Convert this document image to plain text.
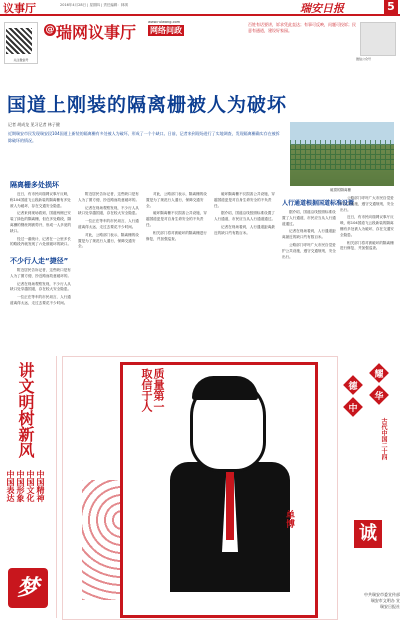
议事厅	2016年4月28日 | 星期四 | 责任编辑：林琪	瑞安日报	5
关注微信号
@ 瑞网议事厅
www.ruiwang.com
网络问政
百姓有话要讲，诉求凭此直达；有事可反映，问题可投诉；民意有通道，建设好家园。
微信公众号
国道上刚装的隔离栅被人为破坏
记者 胡成龙 见习记者 林子健
近期瑞安市民发现瑞安段104国道上新装的隔离栅有多处被人为破坏，形成了一个个缺口。日前，记者来到现场进行了实地调查，发现隔离栅确实存在被拆除破坏的情况。
破损的隔离栅
隔离栅多处损坏

近日，有市民向瑞网议事厅反映，称104国道飞云段新装的隔离栅有多处被人为破坏，存在交通安全隐患。

记者来到现场看到，国道两侧已安装了绿色的隔离栅，但在多处路段，隔离栅的钢丝网被剪开，形成一人多宽的缺口。

经过一番统计，记者在一公里多长的路段内就发现了六处被破坏的缺口。

不少行人走“捷径”

附近居民告诉记者，这些缺口是有人为了图方便、抄近路而故意破坏的。

记者在现场观察发现，不少行人从缺口处穿越国道，存在较大安全隐患。

一位正在等车的市民坦言，人行通道离得太远，走过去要花不少时间。

附近居民告诉记者，这些缺口是有人为了图方便、抄近路而故意破坏的。

记者在现场观察发现，不少行人从缺口处穿越国道，存在较大安全隐患。

一位正在等车的市民坦言，人行通道离得太远，走过去要花不少时间。

对此，公路部门表示，隔离栅的设置是为了规范行人通行，保障交通安全。

对此，公路部门表示，隔离栅的设置是为了规范行人通行，保障交通安全。

破坏隔离栅不仅损害公共设施，穿越国道更是对自身生命安全的不负责任。

相关部门将对被破坏的隔离栅进行修复，并加强巡查。

破坏隔离栅不仅损害公共设施，穿越国道更是对自身生命安全的不负责任。

据介绍，国道沿线按照标准设置了人行通道，市民应当从人行通道通过。

记者在现场看到，人行通道距离最近的缺口约有数百米。

人行通道根据国道标准设置

据介绍，国道沿线按照标准设置了人行通道，市民应当从人行通道通过。

记者在现场看到，人行通道距离最近的缺口约有数百米。

公路部门呼吁广大市民自觉爱护公共设施，遵守交通规则，安全出行。

公路部门呼吁广大市民自觉爱护公共设施，遵守交通规则，安全出行。

近日，有市民向瑞网议事厅反映，称104国道飞云段新装的隔离栅有多处被人为破坏，存在交通安全隐患。

相关部门将对被破坏的隔离栅进行修复，并加强巡查。

讲文明树新风
中国精神
中国文化
中国形象
中国表达
梦
质量第一
取信于人
单博
德
耀
中
华
古代中国二十四
诚
中共瑞安市委宣传部
瑞安市文明办 宣
瑞安日报社
